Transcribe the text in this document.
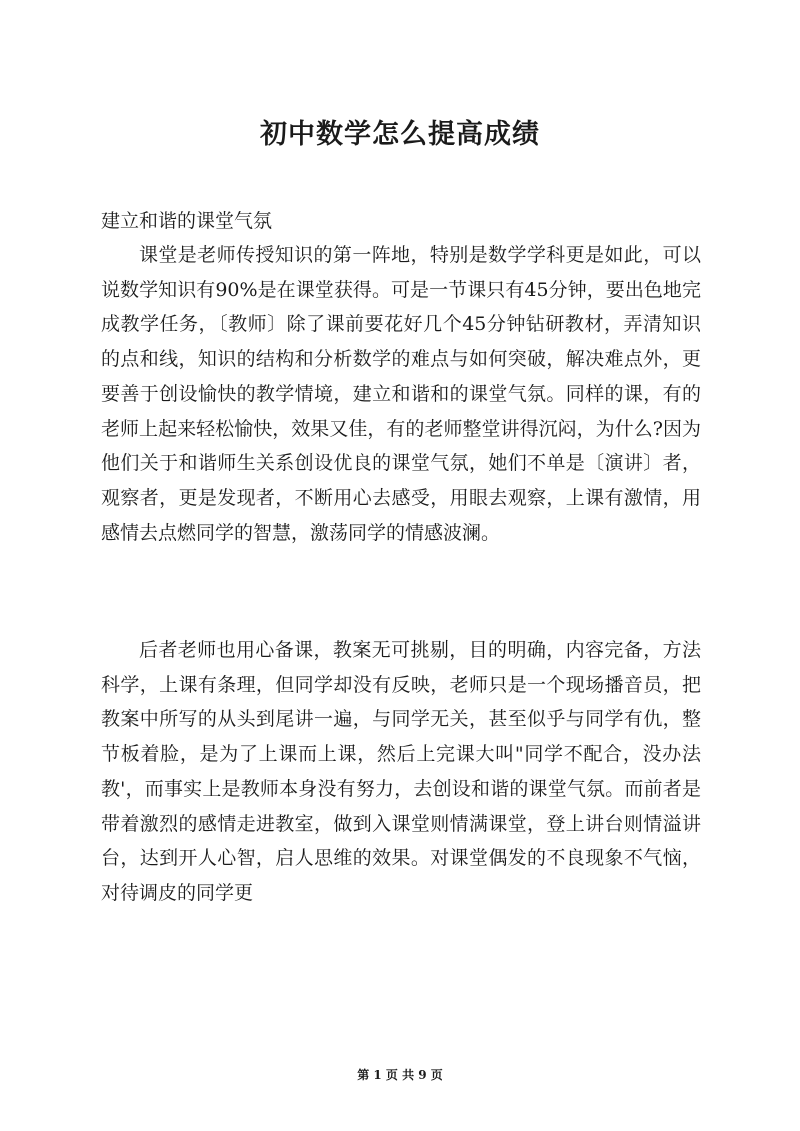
初中数学怎么提高成绩
建立和谐的课堂气氛

课堂是老师传授知识的第一阵地，特别是数学学科更是如此，可以说数学知识有90%是在课堂获得。可是一节课只有45分钟，要出色地完成教学任务，〔教师〕除了课前要花好几个45分钟钻研教材，弄清知识的点和线，知识的结构和分析数学的难点与如何突破，解决难点外，更要善于创设愉快的教学情境，建立和谐和的课堂气氛。同样的课，有的老师上起来轻松愉快，效果又佳，有的老师整堂讲得沉闷，为什么?因为他们关于和谐师生关系创设优良的课堂气氛，她们不单是〔演讲〕者，观察者，更是发现者，不断用心去感受，用眼去观察，上课有激情，用感情去点燃同学的智慧，激荡同学的情感波澜。

后者老师也用心备课，教案无可挑剔，目的明确，内容完备，方法科学，上课有条理，但同学却没有反映，老师只是一个现场播音员，把教案中所写的从头到尾讲一遍，与同学无关，甚至似乎与同学有仇，整节板着脸，是为了上课而上课，然后上完课大叫"同学不配合，没办法教'，而事实上是教师本身没有努力，去创设和谐的课堂气氛。而前者是带着激烈的感情走进教室，做到入课堂则情满课堂，登上讲台则情溢讲台，达到开人心智，启人思维的效果。对课堂偶发的不良现象不气恼，对待调皮的同学更

第 1 页 共 9 页
